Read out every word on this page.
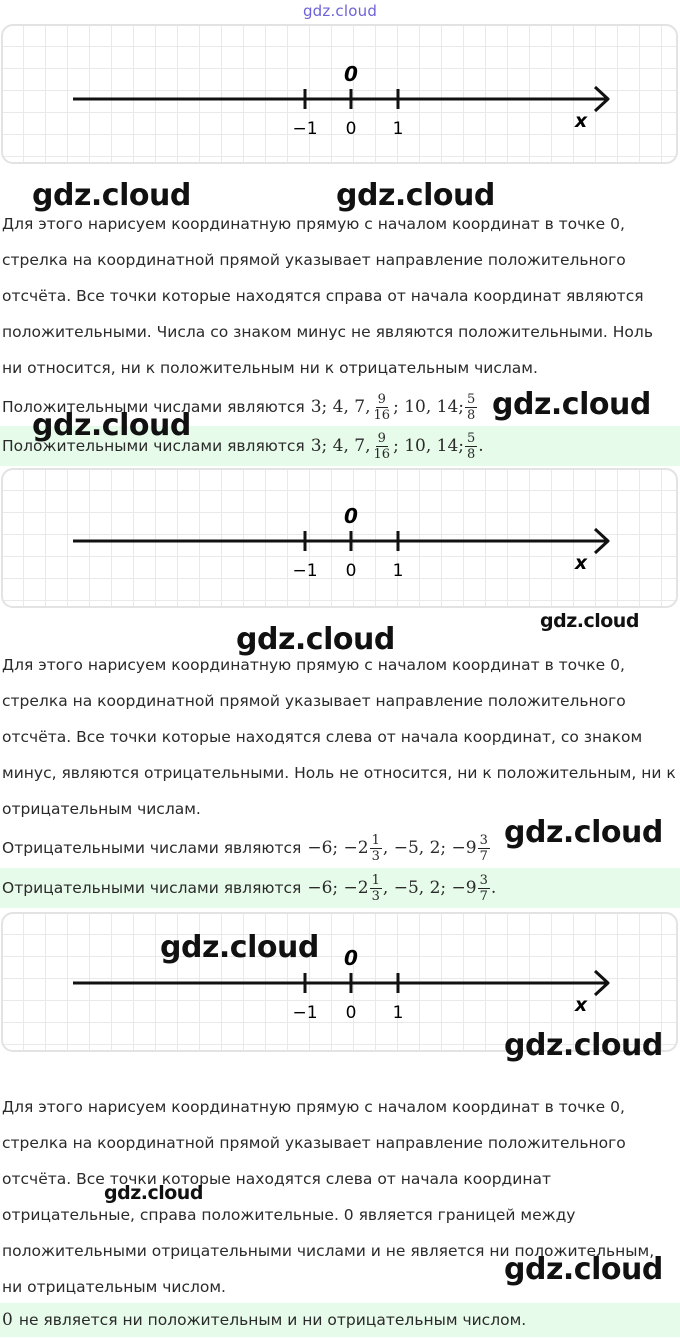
gdz.cloud
0
−1 0 1	x
Для этого нарисуем координатную прямую с началом координат в точке 0, стрелка на координатной прямой указывает направление положительного отсчёта. Все точки которые находятся справа от начала координат являются положительными. Числа со знаком минус не являются положительными. Ноль ни относится, ни к положительным ни к отрицательным числам.
Положительными числами являются 3; 4, 7, $\frac{9}{16}$ ; 10, 14; $\frac{5}{8}$
Положительными числами являются 3; 4, 7, $\frac{9}{16}$ ; 10, 14; $\frac{5}{8}$ .
0
−1 0 1	x
Для этого нарисуем координатную прямую с началом координат в точке 0, стрелка на координатной прямой указывает направление положительного отсчёта. Все точки которые находятся слева от начала координат, со знаком минус, являются отрицательными. Ноль не относится, ни к положительным, ни к отрицательным числам.
Отрицательными числами являются −6; $-2 \frac{1}{3}$ , −5, 2; $-9 \frac{3}{7}$
Отрицательными числами являются −6; $-2 \frac{1}{3}$ , −5, 2; $-9 \frac{3}{7}$ .
0
−1 0 1	x
Для этого нарисуем координатную прямую с началом координат в точке 0, стрелка на координатной прямой указывает направление положительного отсчёта. Все точки которые находятся слева от начала координат отрицательные, справа положительные. 0 является границей между положительными отрицательными числами и не является ни положительным, ни отрицательным числом.
0 не является ни положительным и ни отрицательным числом.
gdz.cloud	gdz.cloud
gdz.cloud
gdz.cloud
gdz.cloud
gdz.cloud
gdz.cloud
gdz.cloud
gdz.cloud
gdz.cloud
gdz.cloud
